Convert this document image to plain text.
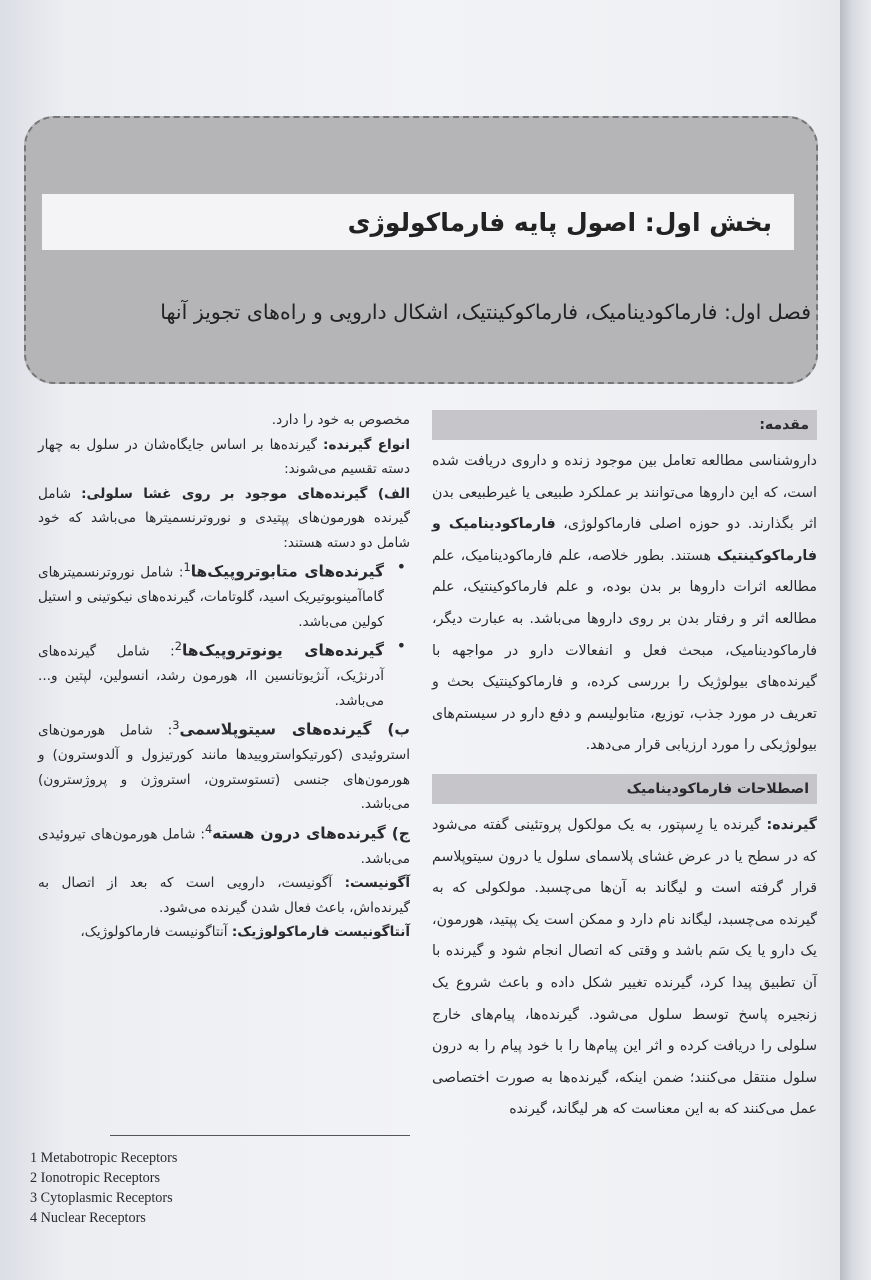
بخش اول: اصول پایه فارماکولوژی
فصل اول: فارماکودینامیک، فارماکوکینتیک، اشکال دارویی و راه‌های تجویز آنها
مقدمه:

داروشناسی مطالعه تعامل بین موجود زنده و داروی دریافت شده است، که این داروها می‌توانند بر عملکرد طبیعی یا غیرطبیعی بدن اثر بگذارند. دو حوزه اصلی فارماکولوژی، فارماکودینامیک و فارماکوکینتیک هستند. بطور خلاصه، علم فارماکودینامیک، علم مطالعه اثرات داروها بر بدن بوده، و علم فارماکوکینتیک، علم مطالعه اثر و رفتار بدن بر روی داروها می‌باشد. به عبارت دیگر، فارماکودینامیک، مبحث فعل و انفعالات دارو در مواجهه با گیرنده‌های بیولوژیک را بررسی کرده، و فارماکوکینتیک بحث و تعریف در مورد جذب، توزیع، متابولیسم و دفع دارو در سیستم‌های بیولوژیکی را مورد ارزیابی قرار می‌دهد.

اصطلاحات فارماکودینامیک

گیرنده: گیرنده یا رِسپتور، به یک مولکول پروتئینی گفته می‌شود که در سطح یا در عرض غشای پلاسمای سلول یا درون سیتوپلاسم قرار گرفته است و لیگاند به آن‌ها می‌چسبد. مولکولی که به گیرنده می‌چسبد، لیگاند نام دارد و ممکن است یک پپتید، هورمون، یک دارو یا یک سَم باشد و وقتی که اتصال انجام شود و گیرنده با آن تطبیق پیدا کرد، گیرنده تغییر شکل داده و باعث شروع یک زنجیره پاسخ توسط سلول می‌شود. گیرنده‌ها، پیام‌های خارج سلولی را دریافت کرده و اثر این پیام‌ها را با خود پیام را به درون سلول منتقل می‌کنند؛ ضمن اینکه، گیرنده‌ها به صورت اختصاصی عمل می‌کنند که به این معناست که هر لیگاند، گیرنده

مخصوص به خود را دارد.

انواع گیرنده: گیرنده‌ها بر اساس جایگاه‌شان در سلول به چهار دسته تقسیم می‌شوند:

الف) گیرنده‌های موجود بر روی غشا سلولی: شامل گیرنده هورمون‌های پپتیدی و نوروترنسمیترها می‌باشد که خود شامل دو دسته هستند:

•
گیرنده‌های متابوتروپیک‌ها$^1$: شامل نوروترنسمیترهای گاماآمینوبوتیریک اسید، گلوتامات، گیرنده‌های نیکوتینی و استیل کولین می‌باشد.

•
گیرنده‌های یونوتروپیک‌ها$^2$: شامل گیرنده‌های آدرنژیک، آنژیوتانسین II، هورمون رشد، انسولین، لپتین و... می‌باشد.

ب) گیرنده‌های سیتوپلاسمی$^3$: شامل هورمون‌های استروئیدی (کورتیکواستروییدها مانند کورتیزول و آلدوسترون) و هورمون‌های جنسی (تستوسترون، استروژن و پروژسترون) می‌باشد.

ج) گیرنده‌های درون هسته$^4$: شامل هورمون‌های تیروئیدی می‌باشد.

آگونیست: آگونیست، دارویی است که بعد از اتصال به گیرنده‌اش، باعث فعال شدن گیرنده می‌شود.

آنتاگونیست فارماکولوژیک: آنتاگونیست فارماکولوژیک،

1 Metabotropic Receptors
2 Ionotropic Receptors
3 Cytoplasmic Receptors
4 Nuclear Receptors
